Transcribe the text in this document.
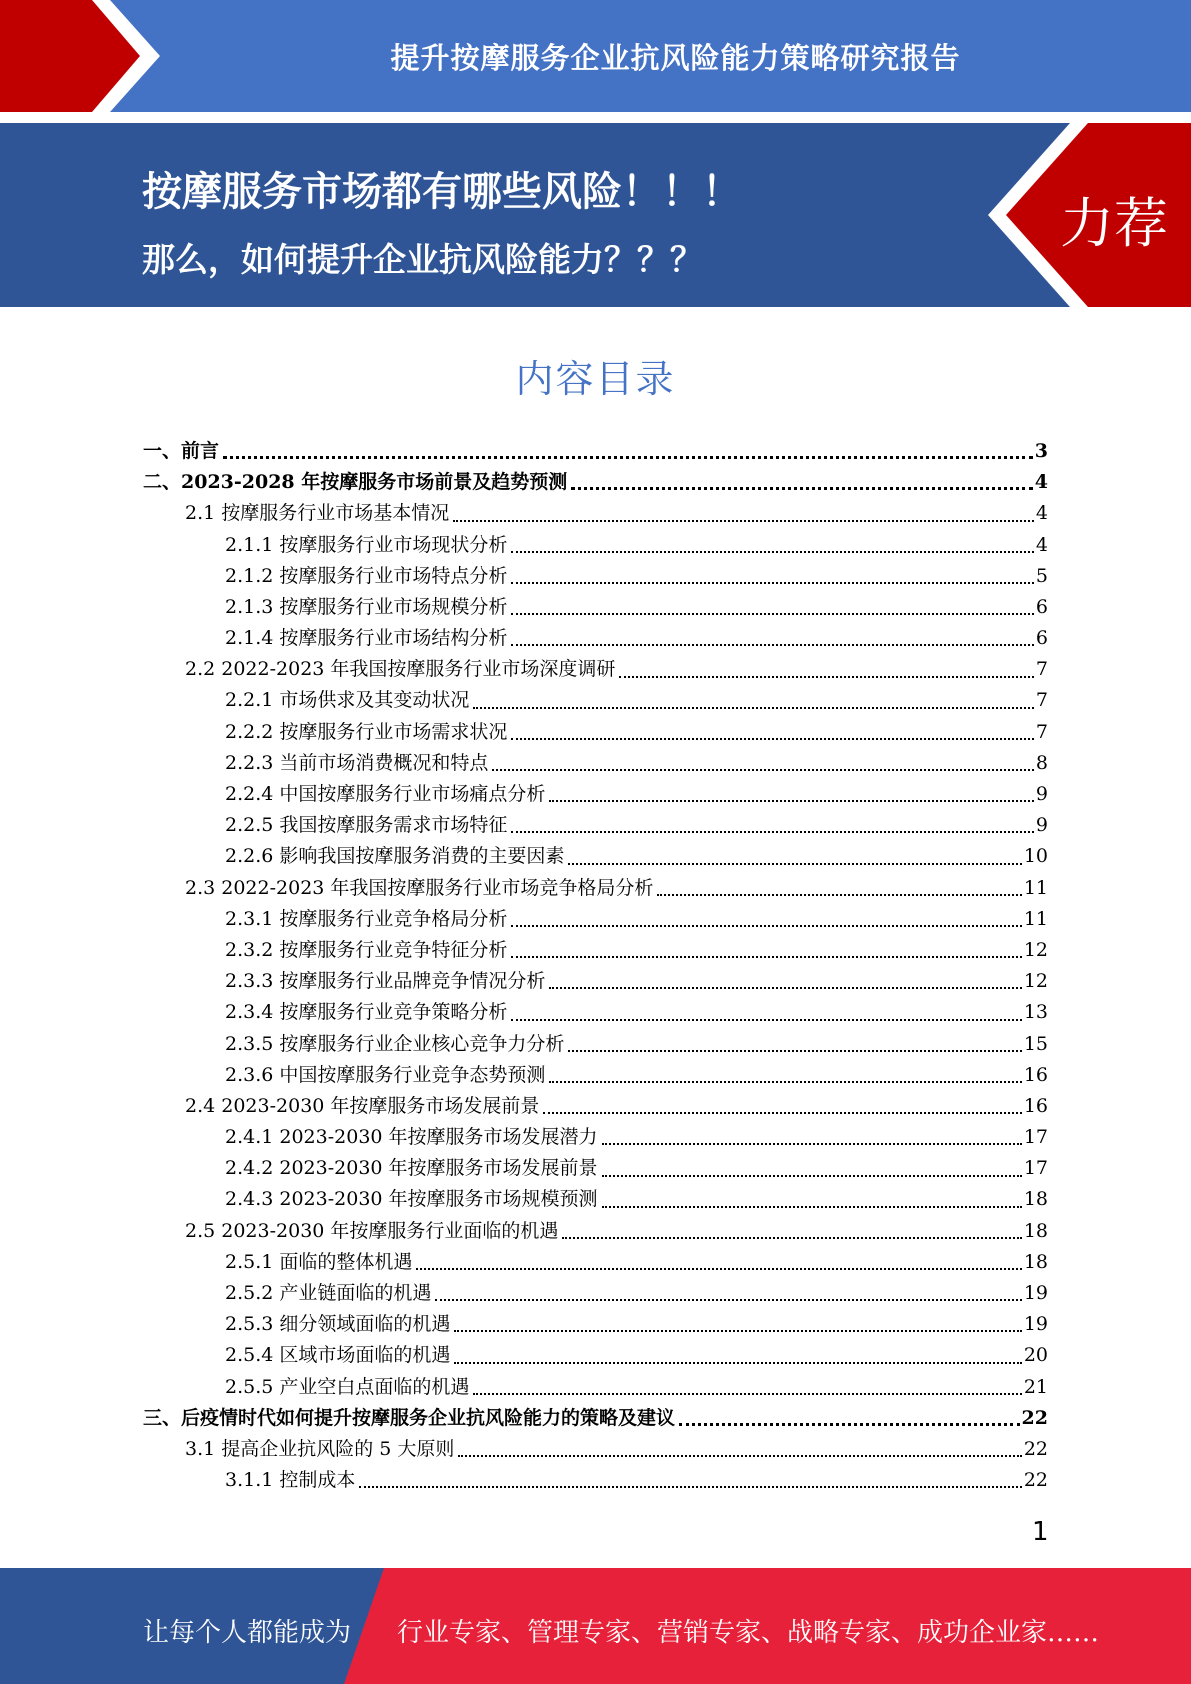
提升按摩服务企业抗风险能力策略研究报告
按摩服务市场都有哪些风险！！！
那么，如何提升企业抗风险能力？？？
力荐
内容目录
一、前言	3
二、2023-2028 年按摩服务市场前景及趋势预测	4
2.1 按摩服务行业市场基本情况	4
2.1.1 按摩服务行业市场现状分析	4
2.1.2 按摩服务行业市场特点分析	5
2.1.3 按摩服务行业市场规模分析	6
2.1.4 按摩服务行业市场结构分析	6
2.2 2022-2023 年我国按摩服务行业市场深度调研	7
2.2.1 市场供求及其变动状况	7
2.2.2 按摩服务行业市场需求状况	7
2.2.3 当前市场消费概况和特点	8
2.2.4 中国按摩服务行业市场痛点分析	9
2.2.5 我国按摩服务需求市场特征	9
2.2.6 影响我国按摩服务消费的主要因素	10
2.3 2022-2023 年我国按摩服务行业市场竞争格局分析	11
2.3.1 按摩服务行业竞争格局分析	11
2.3.2 按摩服务行业竞争特征分析	12
2.3.3 按摩服务行业品牌竞争情况分析	12
2.3.4 按摩服务行业竞争策略分析	13
2.3.5 按摩服务行业企业核心竞争力分析	15
2.3.6 中国按摩服务行业竞争态势预测	16
2.4 2023-2030 年按摩服务市场发展前景	16
2.4.1 2023-2030 年按摩服务市场发展潜力	17
2.4.2 2023-2030 年按摩服务市场发展前景	17
2.4.3 2023-2030 年按摩服务市场规模预测	18
2.5 2023-2030 年按摩服务行业面临的机遇	18
2.5.1 面临的整体机遇	18
2.5.2 产业链面临的机遇	19
2.5.3 细分领域面临的机遇	19
2.5.4 区域市场面临的机遇	20
2.5.5 产业空白点面临的机遇	21
三、后疫情时代如何提升按摩服务企业抗风险能力的策略及建议	22
3.1 提高企业抗风险的 5 大原则	22
3.1.1 控制成本	22
1
让每个人都能成为 行业专家、管理专家、营销专家、战略专家、成功企业家……
